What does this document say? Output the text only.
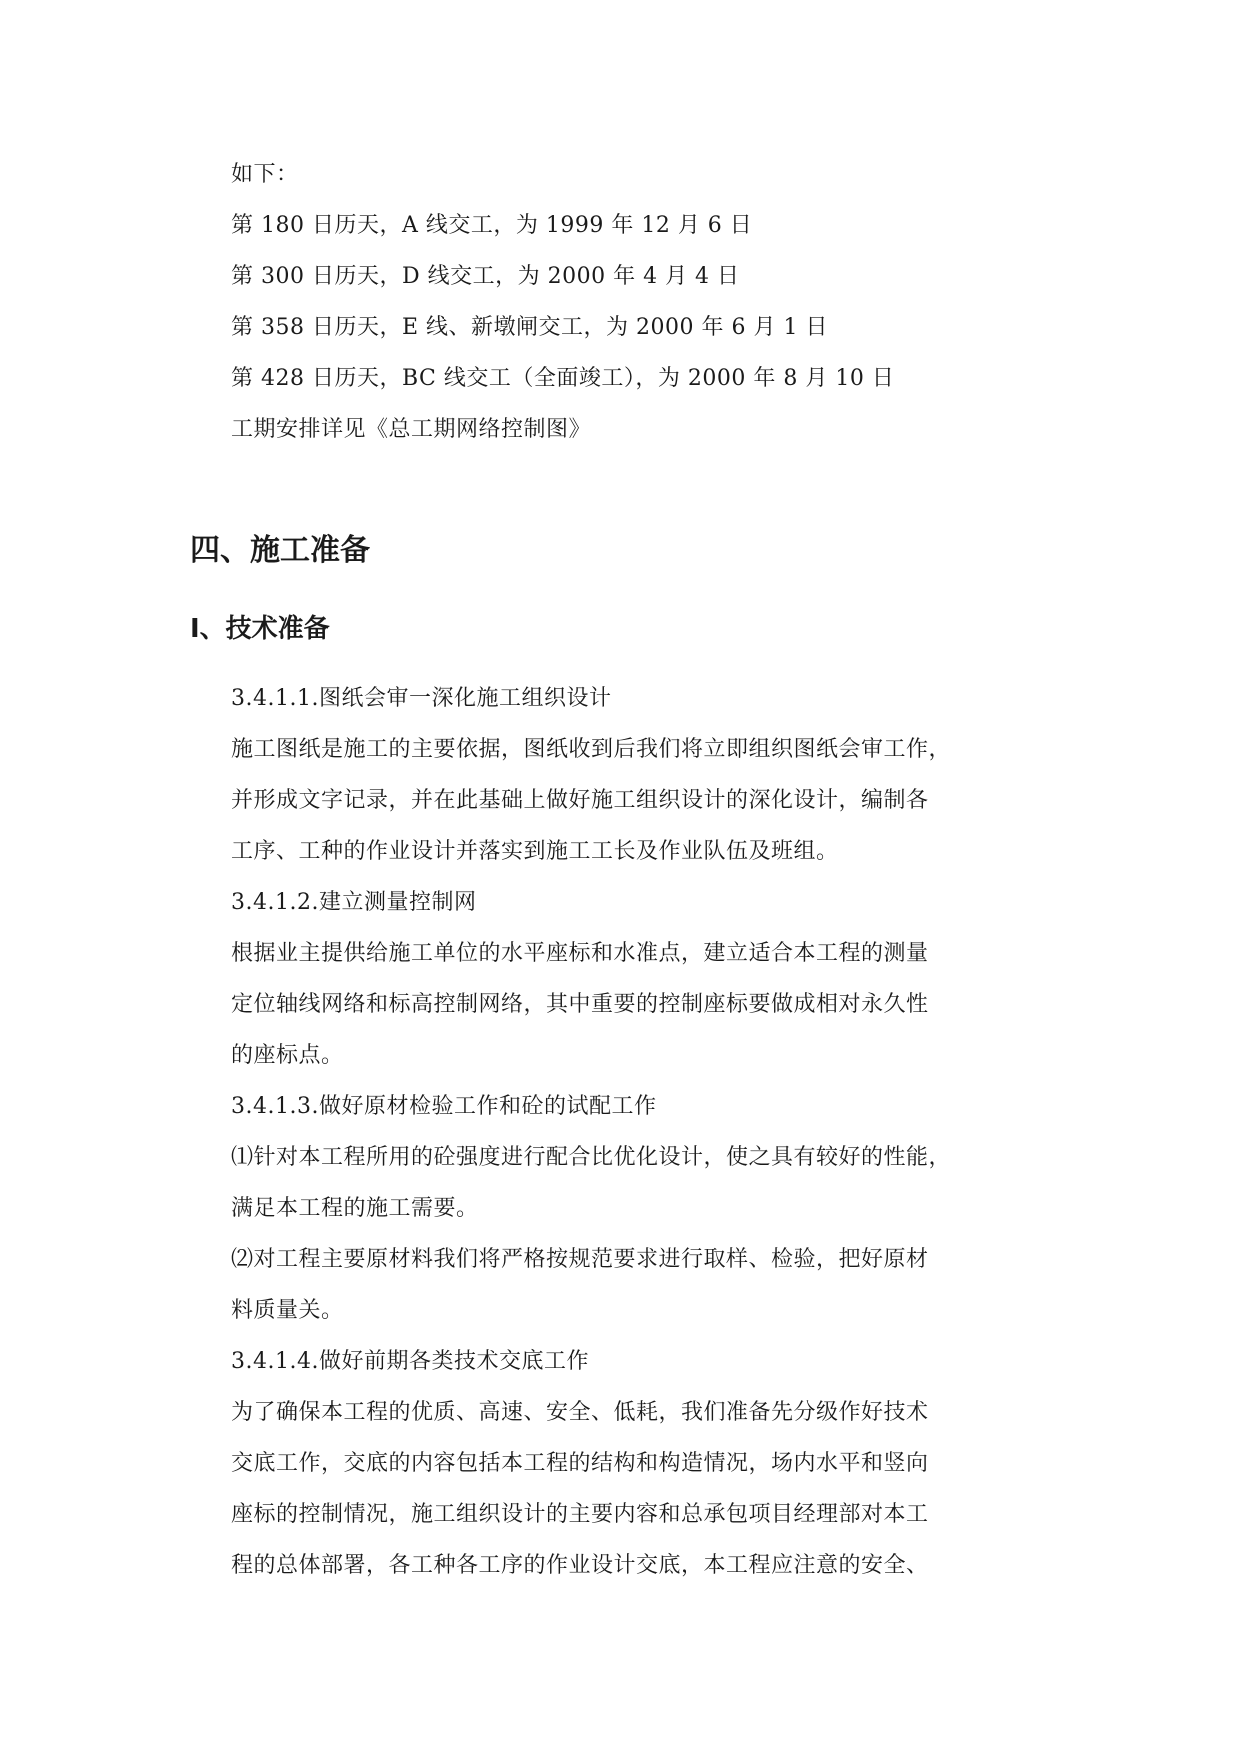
如下：
第 180 日历天，A 线交工，为 1999 年 12 月 6 日
第 300 日历天，D 线交工，为 2000 年 4 月 4 日
第 358 日历天，E 线、新墩闸交工，为 2000 年 6 月 1 日
第 428 日历天，BC 线交工（全面竣工），为 2000 年 8 月 10 日
工期安排详见《总工期网络控制图》
四、施工准备
I、技术准备
3.4.1.1.图纸会审一深化施工组织设计
施工图纸是施工的主要依据，图纸收到后我们将立即组织图纸会审工作，
并形成文字记录，并在此基础上做好施工组织设计的深化设计，编制各
工序、工种的作业设计并落实到施工工长及作业队伍及班组。
3.4.1.2.建立测量控制网
根据业主提供给施工单位的水平座标和水准点，建立适合本工程的测量
定位轴线网络和标高控制网络，其中重要的控制座标要做成相对永久性
的座标点。
3.4.1.3.做好原材检验工作和砼的试配工作
⑴针对本工程所用的砼强度进行配合比优化设计，使之具有较好的性能，
满足本工程的施工需要。
⑵对工程主要原材料我们将严格按规范要求进行取样、检验，把好原材
料质量关。
3.4.1.4.做好前期各类技术交底工作
为了确保本工程的优质、高速、安全、低耗，我们准备先分级作好技术
交底工作，交底的内容包括本工程的结构和构造情况，场内水平和竖向
座标的控制情况，施工组织设计的主要内容和总承包项目经理部对本工
程的总体部署，各工种各工序的作业设计交底，本工程应注意的安全、
